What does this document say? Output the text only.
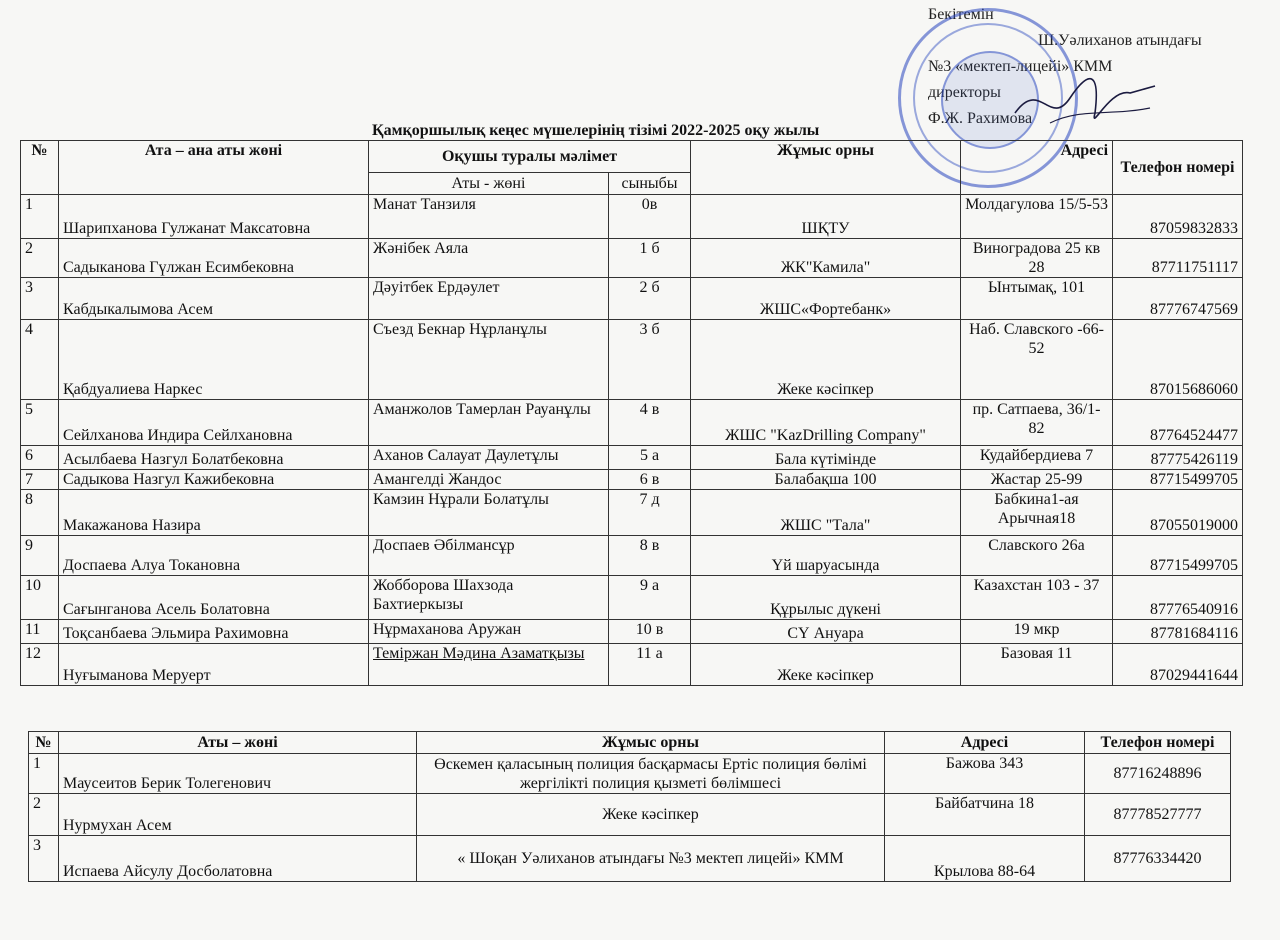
Бекітемін
Ш.Уәлиханов атындағы
№3 «мектеп-лицейі» КММ
директоры
Ф.Ж. Рахимова
Қамқоршылық кеңес мүшелерінің тізімі 2022-2025 оқу жылы
№	Ата – ана аты жөні	Оқушы туралы мәлімет		Жұмыс орны	Адресі	Телефон номері
		Аты - жөні	сыныбы			
1	Шарипханова Гулжанат Максатовна	Манат Танзиля	0в	ШҚТУ	Молдагулова 15/5-53	87059832833
2	Садыканова Гүлжан Есимбековна	Жәнібек Аяла	1 б	ЖК"Камила"	Виноградова 25 кв 28	87711751117
3	Кабдыкалымова Асем	Дәуітбек Ердәулет	2 б	ЖШС«Фортебанк»	Ынтымақ, 101	87776747569
4	Қабдуалиева Наркес	Съезд Бекнар Нұрланұлы	3 б	Жеке кәсіпкер	Наб. Славского -66-52	87015686060
5	Сейлханова Индира Сейлхановна	Аманжолов Тамерлан Рауанұлы	4 в	ЖШС "KazDrilling Company"	пр. Сатпаева, 36/1-82	87764524477
6	Асылбаева Назгул Болатбековна	Аханов Салауат Даулетұлы	5 а	Бала күтімінде	Кудайбердиева 7	87775426119
7	Садыкова Назгул Кажибековна	Амангелді Жандос	6 в	Балабақша 100	Жастар 25-99	87715499705
8	Макажанова Назира	Камзин Нұрали Болатұлы	7 д	ЖШС "Тала"	Бабкина1-ая Арычная18	87055019000
9	Доспаева Алуа Токановна	Доспаев Әбілмансұр	8 в	Үй шаруасында	Славского 26а	87715499705
10	Сағынганова Асель Болатовна	Жобборова Шахзода Бахтиеркызы	9 а	Құрылыс дүкені	Казахстан 103 - 37	87776540916
11	Тоқсанбаева Эльмира Рахимовна	Нұрмаханова Аружан	10 в	СҮ Ануара	19 мкр	87781684116
12	Нуғыманова Меруерт	Теміржан Мәдина Азаматқызы	11 а	Жеке кәсіпкер	Базовая 11	87029441644
№	Аты – жөні	Жұмыс орны	Адресі	Телефон номері
1	Маусеитов Берик Толегенович	Өскемен қаласының полиция басқармасы Ертіс полиция бөлімі жергілікті полиция қызметі бөлімшесі	Бажова 343	87716248896
2	Нурмухан Асем	Жеке кәсіпкер	Байбатчина 18	87778527777
3	Испаева Айсулу Досболатовна	« Шоқан Уәлиханов атындағы №3 мектеп лицейі» КММ	Крылова 88-64	87776334420
